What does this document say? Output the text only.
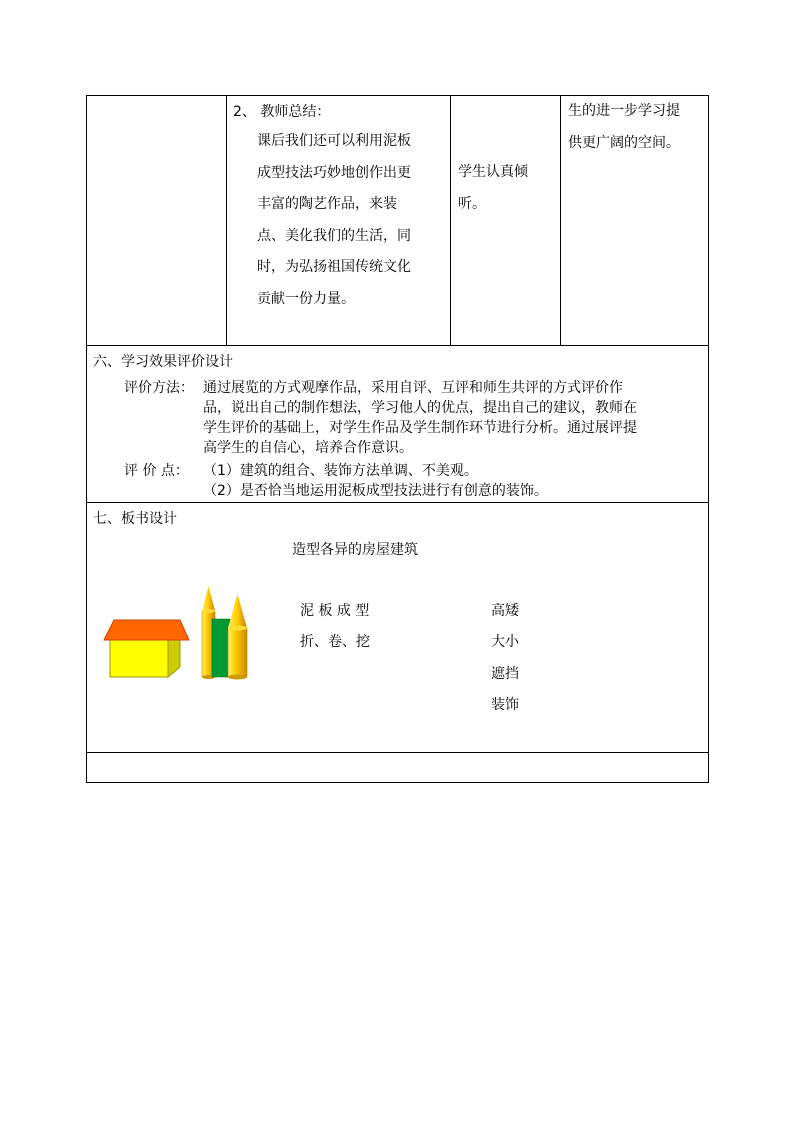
2、 教师总结：
课后我们还可以利用泥板
成型技法巧妙地创作出更
丰富的陶艺作品，来装
点、美化我们的生活，同
时，为弘扬祖国传统文化
贡献一份力量。
学生认真倾
听。
生的进一步学习提
供更广阔的空间。
六、学习效果评价设计
评价方法： 通过展览的方式观摩作品，采用自评、互评和师生共评的方式评价作
品，说出自己的制作想法，学习他人的优点，提出自己的建议，教师在
学生评价的基础上，对学生作品及学生制作环节进行分析。通过展评提
高学生的自信心，培养合作意识。
评 价 点： （1）建筑的组合、装饰方法单调、不美观。
（2）是否恰当地运用泥板成型技法进行有创意的装饰。
七、板书设计
造型各异的房屋建筑
泥 板 成 型
折、卷、挖
高矮
大小
遮挡
装饰
